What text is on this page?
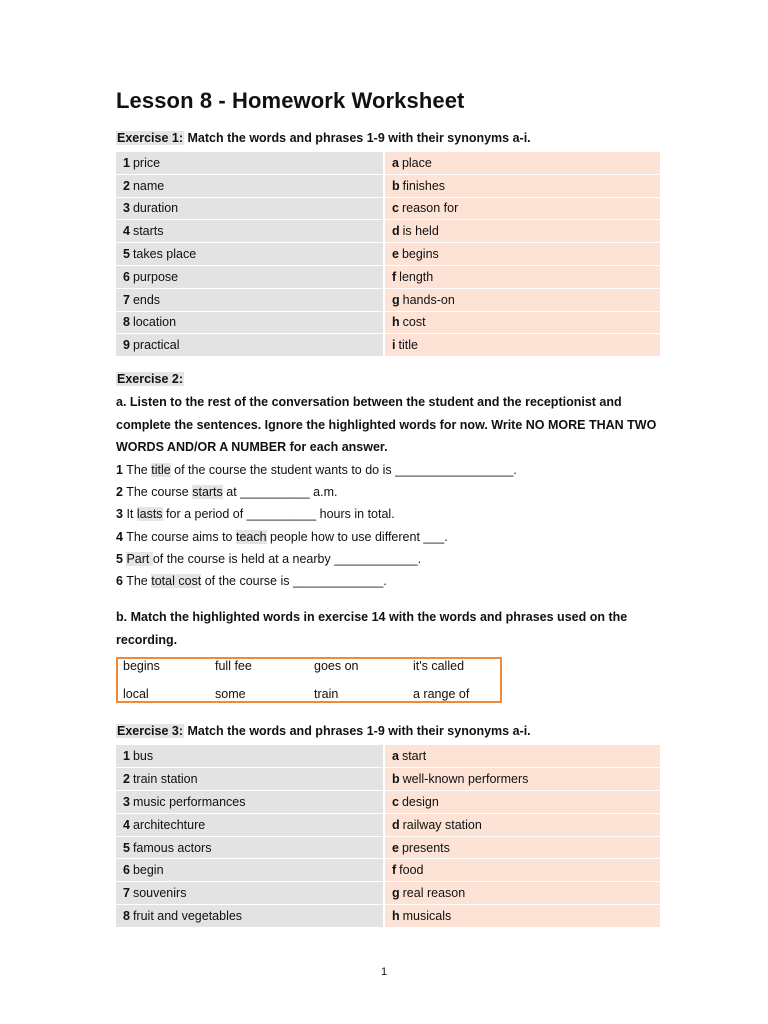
Lesson 8 - Homework Worksheet
Exercise 1: Match the words and phrases 1-9 with their synonyms a-i.
1 price	a place
2 name	b finishes
3 duration	c reason for
4 starts	d is held
5 takes place	e begins
6 purpose	f length
7 ends	g hands-on
8 location	h cost
9 practical	i title
Exercise 2:
a. Listen to the rest of the conversation between the student and the receptionist and complete the sentences. Ignore the highlighted words for now. Write NO MORE THAN TWO WORDS AND/OR A NUMBER for each answer.
1 The title of the course the student wants to do is _________________.
2 The course starts at __________ a.m.
3 It lasts for a period of __________ hours in total.
4 The course aims to teach people how to use different ___.
5 Part of the course is held at a nearby ____________.
6 The total cost of the course is _____________.
b. Match the highlighted words in exercise 14 with the words and phrases used on the recording.
begins	full fee	goes on	it's called
local	some	train	a range of
Exercise 3: Match the words and phrases 1-9 with their synonyms a-i.
1 bus	a start
2 train station	b well-known performers
3 music performances	c design
4 architechture	d railway station
5 famous actors	e presents
6 begin	f food
7 souvenirs	g real reason
8 fruit and vegetables	h musicals
1
